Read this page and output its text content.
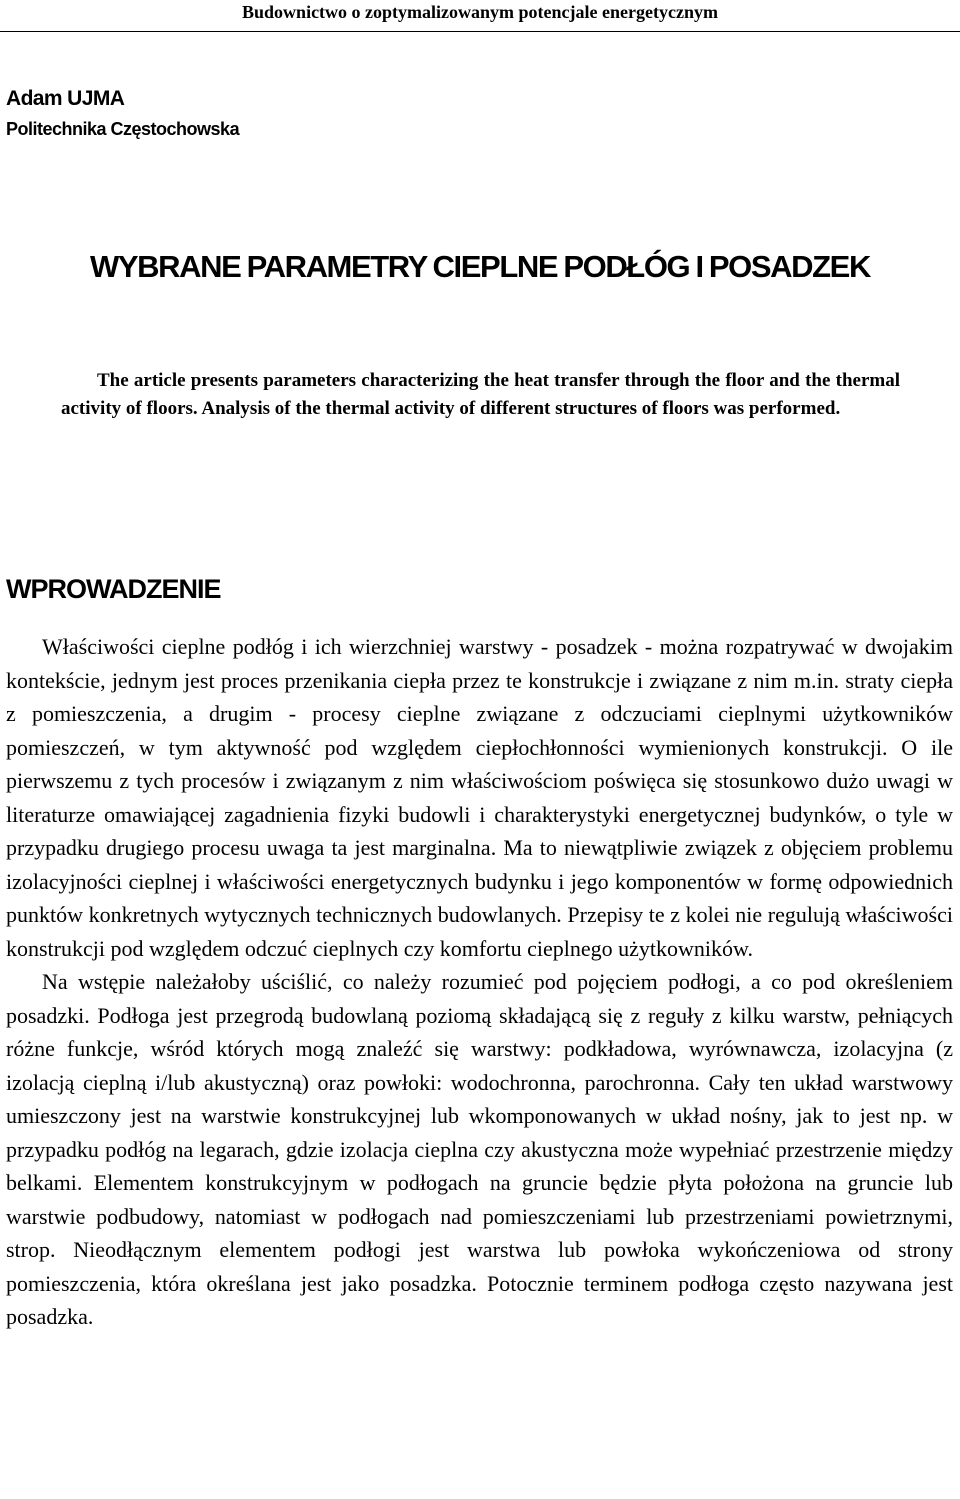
Budownictwo o zoptymalizowanym potencjale energetycznym
Adam UJMA
Politechnika Częstochowska
WYBRANE PARAMETRY CIEPLNE PODŁÓG I POSADZEK

The article presents parameters characterizing the heat transfer through the floor and the thermal activity of floors. Analysis of the thermal activity of different structures of floors was performed.

WPROWADZENIE

Właściwości cieplne podłóg i ich wierzchniej warstwy - posadzek - można rozpatrywać w dwojakim kontekście, jednym jest proces przenikania ciepła przez te konstrukcje i związane z nim m.in. straty ciepła z pomieszczenia, a drugim - procesy cieplne związane z odczuciami cieplnymi użytkowników pomieszczeń, w tym aktywność pod względem ciepłochłonności wymienionych konstrukcji. O ile pierwszemu z tych procesów i związanym z nim właściwościom poświęca się stosunkowo dużo uwagi w literaturze omawiającej zagadnienia fizyki budowli i charakterystyki energetycznej budynków, o tyle w przypadku drugiego procesu uwaga ta jest marginalna. Ma to niewątpliwie związek z objęciem problemu izolacyjności cieplnej i właściwości energetycznych budynku i jego komponentów w formę odpowiednich punktów konkretnych wytycznych technicznych budowlanych. Przepisy te z kolei nie regulują właściwości konstrukcji pod względem odczuć cieplnych czy komfortu cieplnego użytkowników.

Na wstępie należałoby uściślić, co należy rozumieć pod pojęciem podłogi, a co pod określeniem posadzki. Podłoga jest przegrodą budowlaną poziomą składającą się z reguły z kilku warstw, pełniących różne funkcje, wśród których mogą znaleźć się warstwy: podkładowa, wyrównawcza, izolacyjna (z izolacją cieplną i/lub akustyczną) oraz powłoki: wodochronna, parochronna. Cały ten układ warstwowy umieszczony jest na warstwie konstrukcyjnej lub wkomponowanych w układ nośny, jak to jest np. w przypadku podłóg na legarach, gdzie izolacja cieplna czy akustyczna może wypełniać przestrzenie między belkami. Elementem konstrukcyjnym w podłogach na gruncie będzie płyta położona na gruncie lub warstwie podbudowy, natomiast w podłogach nad pomieszczeniami lub przestrzeniami powietrznymi, strop. Nieodłącznym elementem podłogi jest warstwa lub powłoka wykończeniowa od strony pomieszczenia, która określana jest jako posadzka. Potocznie terminem podłoga często nazywana jest posadzka.
